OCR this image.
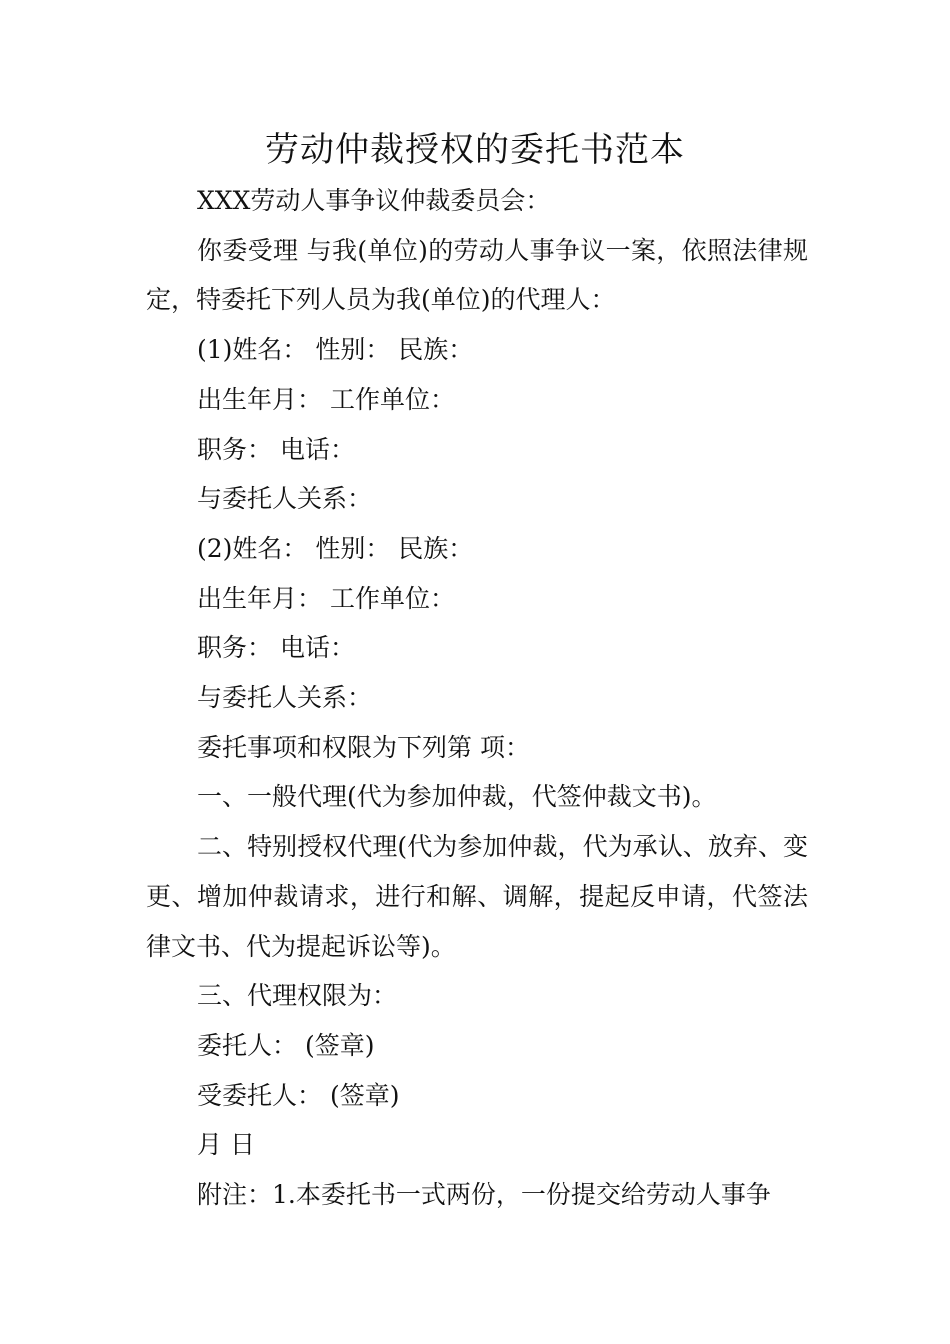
劳动仲裁授权的委托书范本

XXX劳动人事争议仲裁委员会：

你委受理 与我(单位)的劳动人事争议一案，依照法律规定，特委托下列人员为我(单位)的代理人：

(1)姓名： 性别： 民族：

出生年月： 工作单位：

职务： 电话：

与委托人关系：

(2)姓名： 性别： 民族：

出生年月： 工作单位：

职务： 电话：

与委托人关系：

委托事项和权限为下列第 项：

一、一般代理(代为参加仲裁，代签仲裁文书)。

二、特别授权代理(代为参加仲裁，代为承认、放弃、变更、增加仲裁请求，进行和解、调解，提起反申请，代签法律文书、代为提起诉讼等)。

三、代理权限为：

委托人： (签章)

受委托人： (签章)

月 日

附注：1.本委托书一式两份，一份提交给劳动人事争
